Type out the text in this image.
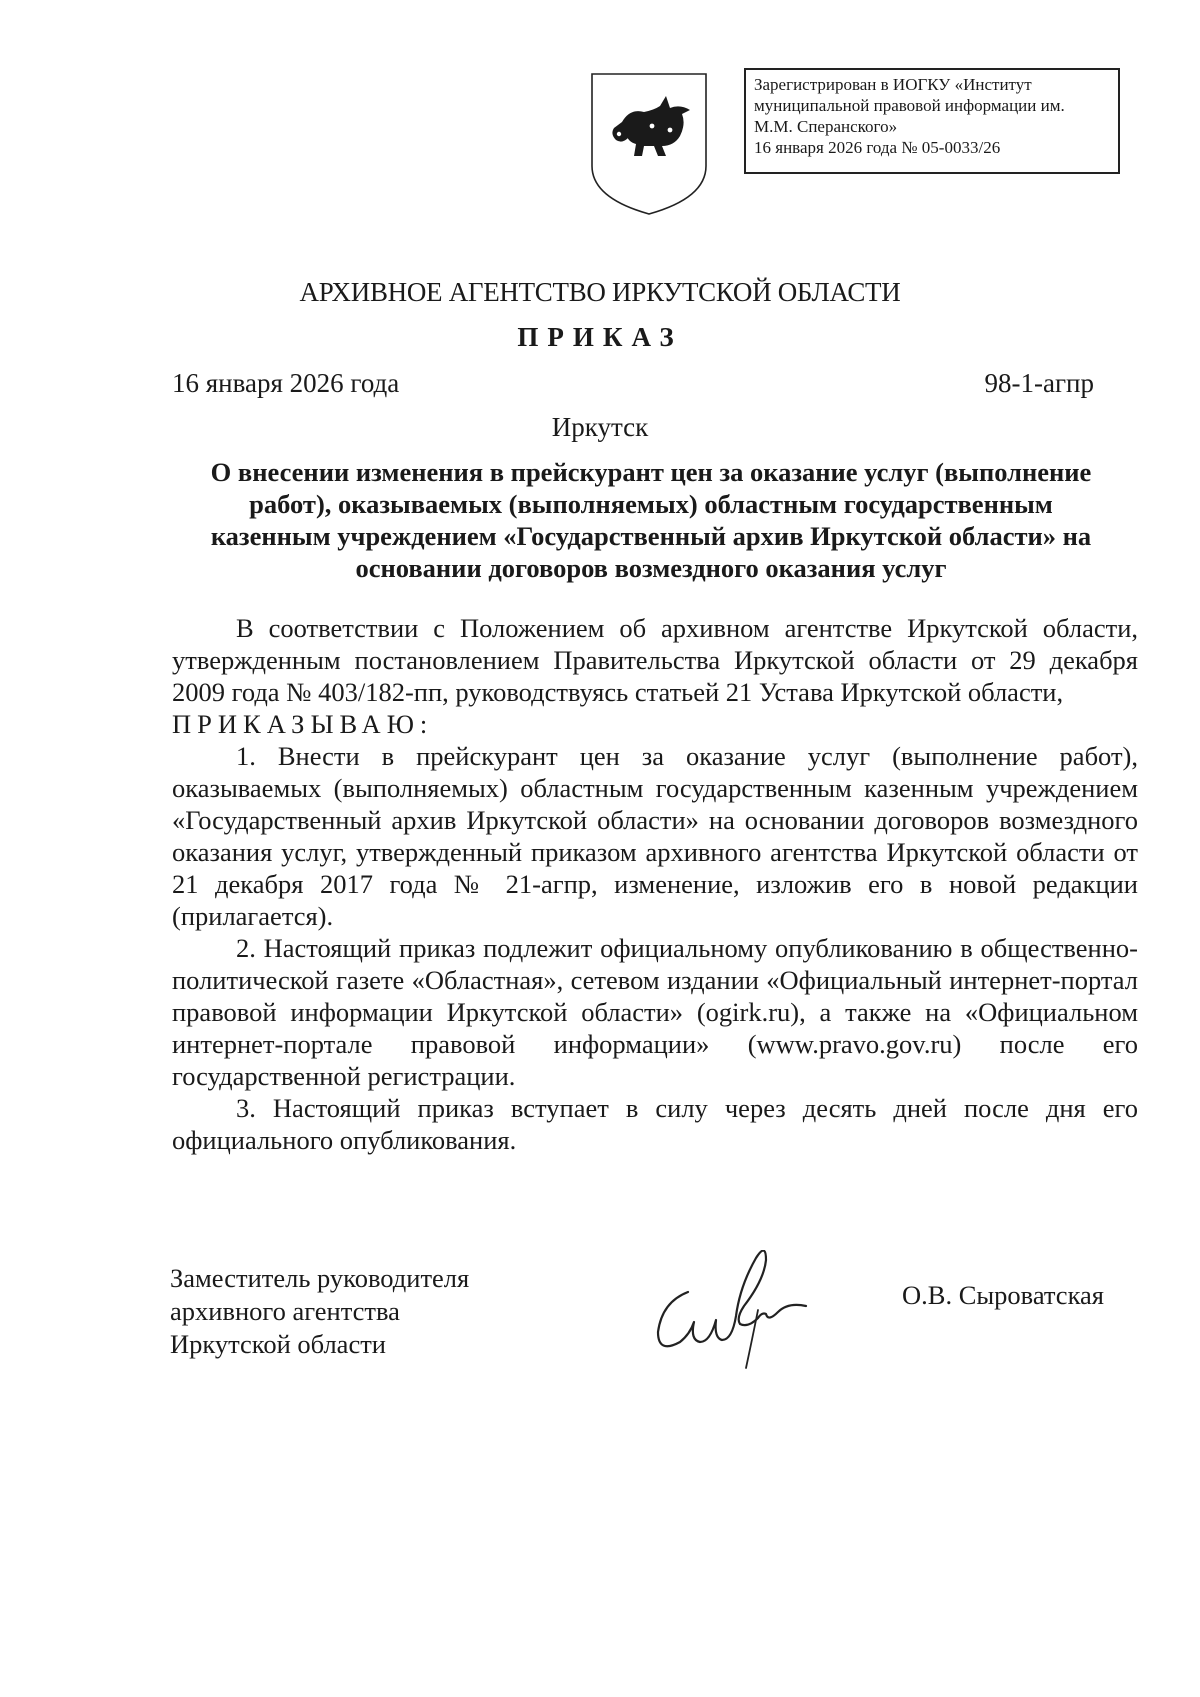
Зарегистрирован в ИОГКУ «Институт
муниципальной правовой информации им.
М.М. Сперанского»
16 января 2026 года № 05-0033/26
АРХИВНОЕ АГЕНТСТВО ИРКУТСКОЙ ОБЛАСТИ
ПРИКАЗ
16 января 2026 года	98-1-агпр
Иркутск
О внесении изменения в прейскурант цен за оказание услуг (выполнение
работ), оказываемых (выполняемых) областным государственным
казенным учреждением «Государственный архив Иркутской области» на
основании договоров возмездного оказания услуг

В соответствии с Положением об архивном агентстве Иркутской области, утвержденным постановлением Правительства Иркутской области от 29 декабря 2009 года № 403/182-пп, руководствуясь статьей 21 Устава Иркутской области,

ПРИКАЗЫВАЮ:

1. Внести в прейскурант цен за оказание услуг (выполнение работ), оказываемых (выполняемых) областным государственным казенным учреждением «Государственный архив Иркутской области» на основании договоров возмездного оказания услуг, утвержденный приказом архивного агентства Иркутской области от 21 декабря 2017 года № 21-агпр, изменение, изложив его в новой редакции (прилагается).

2. Настоящий приказ подлежит официальному опубликованию в общественно-политической газете «Областная», сетевом издании «Официальный интернет-портал правовой информации Иркутской области» (ogirk.ru), а также на «Официальном интернет-портале правовой информации» (www.pravo.gov.ru) после его государственной регистрации.

3. Настоящий приказ вступает в силу через десять дней после дня его официального опубликования.

Заместитель руководителя
архивного агентства
Иркутской области
О.В. Сыроватская
